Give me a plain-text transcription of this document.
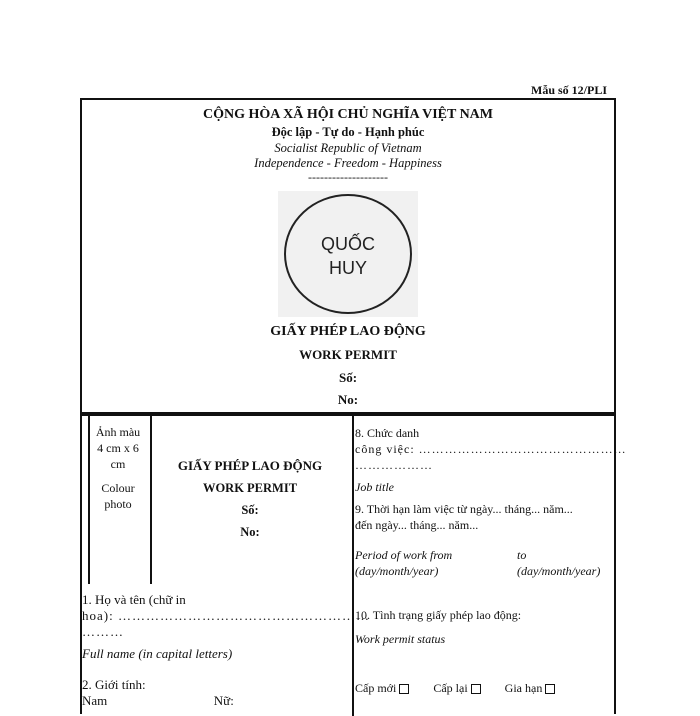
Mẫu số 12/PLI
CỘNG HÒA XÃ HỘI CHỦ NGHĨA VIỆT NAM
Độc lập - Tự do - Hạnh phúc
Socialist Republic of Vietnam
Independence - Freedom - Happiness
--------------------
GIẤY PHÉP LAO ĐỘNG
WORK PERMIT
Số:
No:
QUỐC
HUY
Ảnh màu
4 cm x 6
cm
Colour
photo
GIẤY PHÉP LAO ĐỘNG
WORK PERMIT
Số:
No:
1. Họ và tên (chữ in
hoa): ………………………………………………
………
Full name (in capital letters)
2. Giới tính:
Nam	Nữ:
8. Chức danh
công việc: …………………………………………
………………
Job title
9. Thời hạn làm việc từ ngày... tháng... năm...
đến ngày... tháng... năm...
Period of work from
(day/month/year)
to
(day/month/year)
10. Tình trạng giấy phép lao động:
Work permit status
Cấp mới	Cấp lại	Gia hạn
